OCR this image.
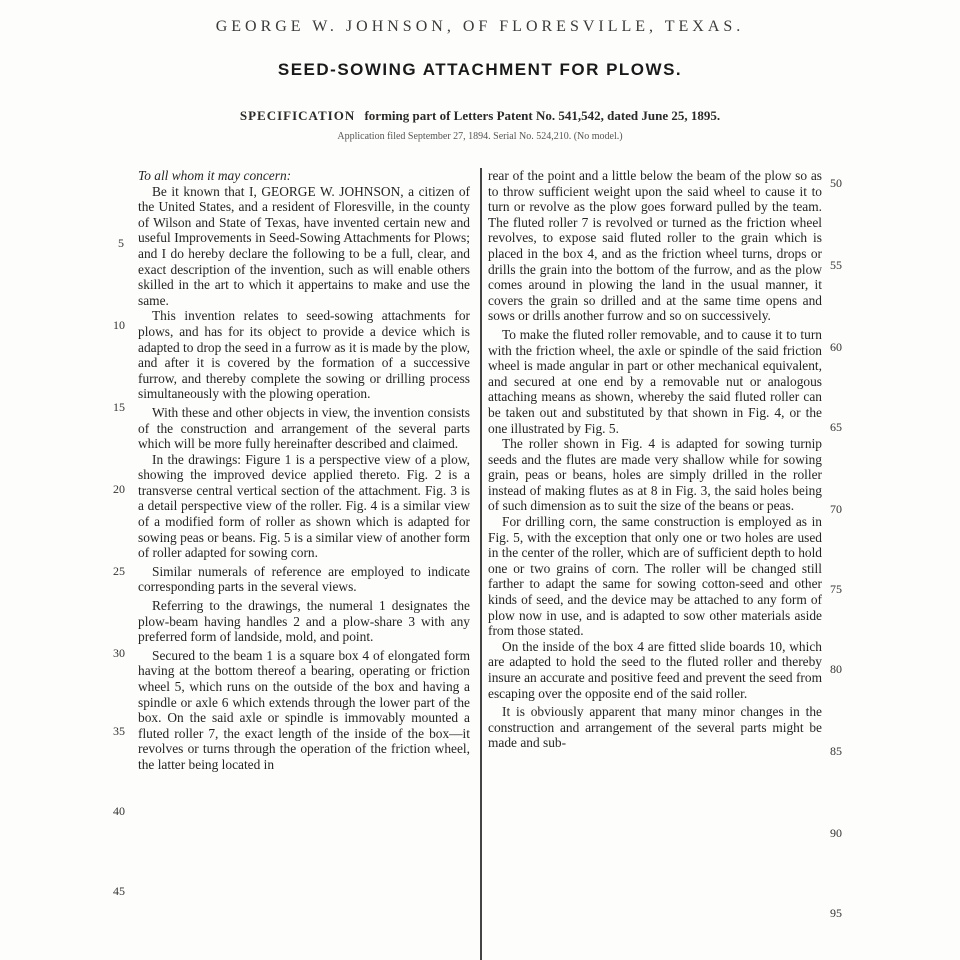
GEORGE W. JOHNSON, OF FLORESVILLE, TEXAS.
SEED-SOWING ATTACHMENT FOR PLOWS.
SPECIFICATION forming part of Letters Patent No. 541,542, dated June 25, 1895.
Application filed September 27, 1894. Serial No. 524,210. (No model.)

To all whom it may concern:

Be it known that I, GEORGE W. JOHNSON, a citizen of the United States, and a resident of Floresville, in the county of Wilson and State of Texas, have invented certain new and useful Improvements in Seed-Sowing Attachments for Plows; and I do hereby declare the following to be a full, clear, and exact description of the invention, such as will enable others skilled in the art to which it appertains to make and use the same.

This invention relates to seed-sowing attachments for plows, and has for its object to provide a device which is adapted to drop the seed in a furrow as it is made by the plow, and after it is covered by the formation of a successive furrow, and thereby complete the sowing or drilling process simultaneously with the plowing operation.

With these and other objects in view, the invention consists of the construction and arrangement of the several parts which will be more fully hereinafter described and claimed.

In the drawings: Figure 1 is a perspective view of a plow, showing the improved device applied thereto. Fig. 2 is a transverse central vertical section of the attachment. Fig. 3 is a detail perspective view of the roller. Fig. 4 is a similar view of a modified form of roller as shown which is adapted for sowing peas or beans. Fig. 5 is a similar view of another form of roller adapted for sowing corn.

Similar numerals of reference are employed to indicate corresponding parts in the several views.

Referring to the drawings, the numeral 1 designates the plow-beam having handles 2 and a plow-share 3 with any preferred form of landside, mold, and point.

Secured to the beam 1 is a square box 4 of elongated form having at the bottom thereof a bearing, operating or friction wheel 5, which runs on the outside of the box and having a spindle or axle 6 which extends through the lower part of the box. On the said axle or spindle is immovably mounted a fluted roller 7, the exact length of the inside of the box—it revolves or turns through the operation of the friction wheel, the latter being located in

rear of the point and a little below the beam of the plow so as to throw sufficient weight upon the said wheel to cause it to turn or revolve as the plow goes forward pulled by the team. The fluted roller 7 is revolved or turned as the friction wheel revolves, to expose said fluted roller to the grain which is placed in the box 4, and as the friction wheel turns, drops or drills the grain into the bottom of the furrow, and as the plow comes around in plowing the land in the usual manner, it covers the grain so drilled and at the same time opens and sows or drills another furrow and so on successively.

To make the fluted roller removable, and to cause it to turn with the friction wheel, the axle or spindle of the said friction wheel is made angular in part or other mechanical equivalent, and secured at one end by a removable nut or analogous attaching means as shown, whereby the said fluted roller can be taken out and substituted by that shown in Fig. 4, or the one illustrated by Fig. 5.

The roller shown in Fig. 4 is adapted for sowing turnip seeds and the flutes are made very shallow while for sowing grain, peas or beans, holes are simply drilled in the roller instead of making flutes as at 8 in Fig. 3, the said holes being of such dimension as to suit the size of the beans or peas.

For drilling corn, the same construction is employed as in Fig. 5, with the exception that only one or two holes are used in the center of the roller, which are of sufficient depth to hold one or two grains of corn. The roller will be changed still farther to adapt the same for sowing cotton-seed and other kinds of seed, and the device may be attached to any form of plow now in use, and is adapted to sow other materials aside from those stated.

On the inside of the box 4 are fitted slide boards 10, which are adapted to hold the seed to the fluted roller and thereby insure an accurate and positive feed and prevent the seed from escaping over the opposite end of the said roller.

It is obviously apparent that many minor changes in the construction and arrangement of the several parts might be made and sub-

5
10
15
20
25
30
35
40
45
50
55
60
65
70
75
80
85
90
95
